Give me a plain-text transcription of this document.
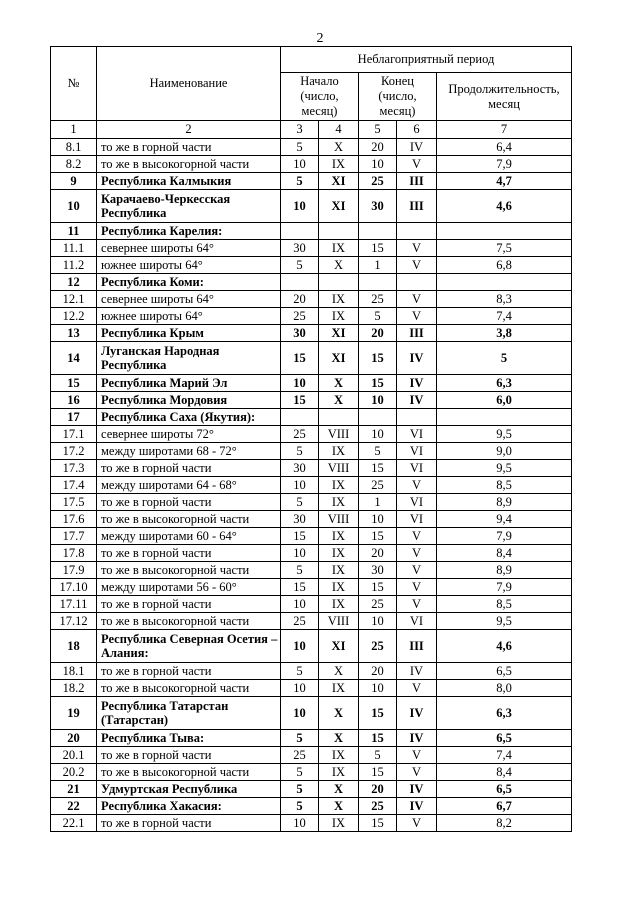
2
№	Наименование	Неблагоприятный период				
		Начало (число, месяц)		Конец (число, месяц)		Продолжительность, месяц
1	2	3	4	5	6	7
8.1	то же в горной части	5	X	20	IV	6,4
8.2	то же в высокогорной части	10	IX	10	V	7,9
9	Республика Калмыкия	5	XI	25	III	4,7
10	Карачаево-Черкесская Республика	10	XI	30	III	4,6
11	Республика Карелия:					
11.1	севернее широты 64°	30	IX	15	V	7,5
11.2	южнее широты 64°	5	X	1	V	6,8
12	Республика Коми:					
12.1	севернее широты 64°	20	IX	25	V	8,3
12.2	южнее широты 64°	25	IX	5	V	7,4
13	Республика Крым	30	XI	20	III	3,8
14	Луганская Народная Республика	15	XI	15	IV	5
15	Республика Марий Эл	10	X	15	IV	6,3
16	Республика Мордовия	15	X	10	IV	6,0
17	Республика Саха (Якутия):					
17.1	севернее широты 72°	25	VIII	10	VI	9,5
17.2	между широтами 68 - 72°	5	IX	5	VI	9,0
17.3	то же в горной части	30	VIII	15	VI	9,5
17.4	между широтами 64 - 68°	10	IX	25	V	8,5
17.5	то же в горной части	5	IX	1	VI	8,9
17.6	то же в высокогорной части	30	VIII	10	VI	9,4
17.7	между широтами 60 - 64°	15	IX	15	V	7,9
17.8	то же в горной части	10	IX	20	V	8,4
17.9	то же в высокогорной части	5	IX	30	V	8,9
17.10	между широтами 56 - 60°	15	IX	15	V	7,9
17.11	то же в горной части	10	IX	25	V	8,5
17.12	то же в высокогорной части	25	VIII	10	VI	9,5
18	Республика Северная Осетия – Алания:	10	XI	25	III	4,6
18.1	то же в горной части	5	X	20	IV	6,5
18.2	то же в высокогорной части	10	IX	10	V	8,0
19	Республика Татарстан (Татарстан)	10	X	15	IV	6,3
20	Республика Тыва:	5	X	15	IV	6,5
20.1	то же в горной части	25	IX	5	V	7,4
20.2	то же в высокогорной части	5	IX	15	V	8,4
21	Удмуртская Республика	5	X	20	IV	6,5
22	Республика Хакасия:	5	X	25	IV	6,7
22.1	то же в горной части	10	IX	15	V	8,2
